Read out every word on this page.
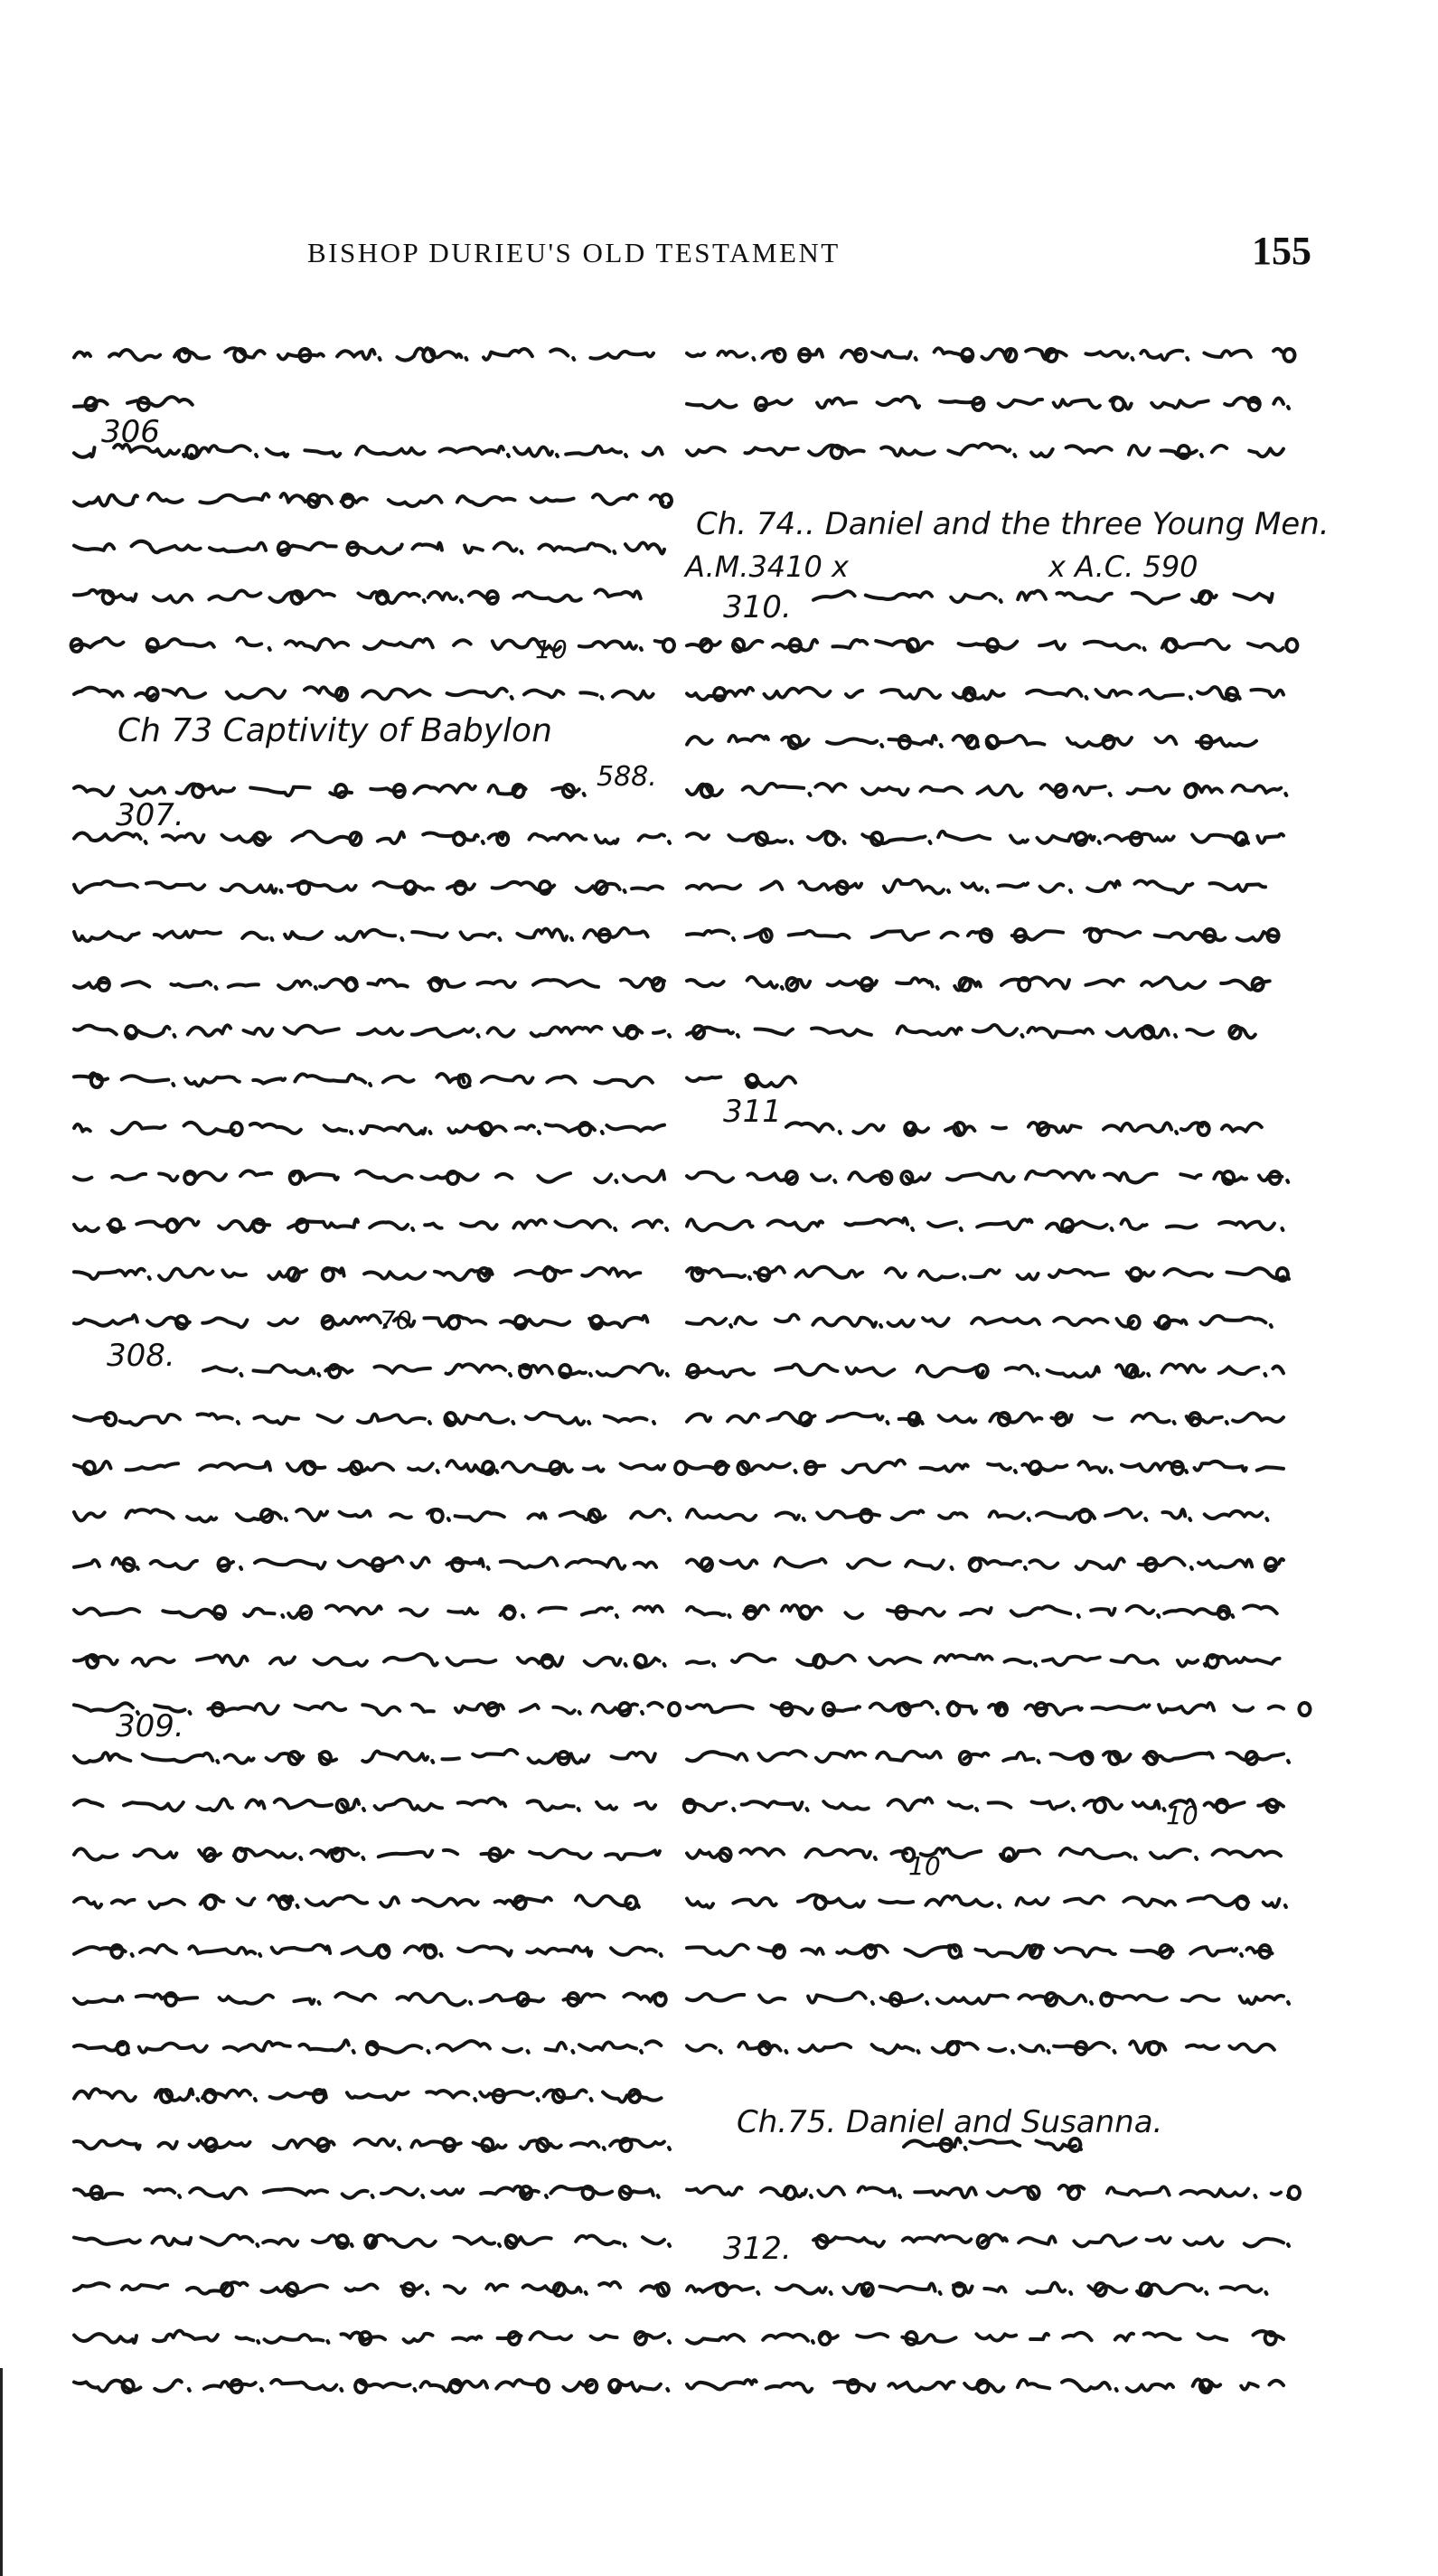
BISHOP DURIEU'S OLD TESTAMENT	155
Ch 73 Captivity of Babylon
306
307.
308.
309.
10
588.
70
Ch. 74.. Daniel and the three Young Men.
A.M.3410 x	x A.C. 590
Ch.75. Daniel and Susanna.
310.
311
312.
10
10
